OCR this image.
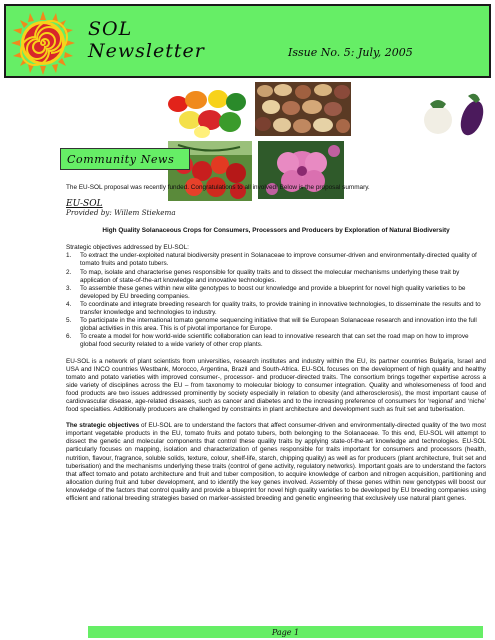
SOL
Newsletter	Issue No. 5: July, 2005
Community News

The EU-SOL proposal was recently funded. Congratulations to all involved! Below is the proposal summary.

EU-SOL
Provided by: Willem Stiekema
High Quality Solanaceous Crops for Consumers, Processors and Producers by Exploration of Natural Biodiversity

Strategic objectives addressed by EU-SOL:

1.	To extract the under-exploited natural biodiversity present in Solanaceae to improve consumer-driven and environmentally-directed quality of tomato fruits and potato tubers.
2.	To map, isolate and characterise genes responsible for quality traits and to dissect the molecular mechanisms underlying these trait by application of state-of-the-art knowledge and innovative technologies.
3.	To assemble these genes within new elite genotypes to boost our knowledge and provide a blueprint for novel high quality varieties to be developed by EU breeding companies.
4.	To coordinate and integrate breeding research for quality traits, to provide training in innovative technologies, to disseminate the results and to transfer knowledge and technologies to industry.
5.	To participate in the international tomato genome sequencing initiative that will tie European Solanaceae research and innovation into the full global activities in this area. This is of pivotal importance for Europe.
6.	To create a model for how world-wide scientific collaboration can lead to innovative research that can set the road map on how to improve global food security related to a wide variety of other crop plants.

EU-SOL is a network of plant scientists from universities, research institutes and industry within the EU, its partner countries Bulgaria, Israel and USA and INCO countries Westbank, Morocco, Argentina, Brazil and South-Africa. EU-SOL focuses on the development of high quality and healthy tomato and potato varieties with improved consumer-, processor- and producer-directed traits. The consortium brings together expertise across a side variety of disciplines across the EU – from taxonomy to molecular biology to consumer integration. Quality and wholesomeness of food and food products are two issues addressed prominently by society especially in relation to obesity (and atherosclerosis), the most important cause of cardiovascular disease, age-related diseases, such as cancer and diabetes and to the increasing preference of consumers for ‘regional’ and ‘niche’ food specialties. Additionally producers are challenged by constraints in plant architecture and development such as fruit set and tuberisation.

The strategic objectives of EU-SOL are to understand the factors that affect consumer-driven and environmentally-directed quality of the two most important vegetable products in the EU, tomato fruits and potato tubers, both belonging to the Solanaceae. To this end, EU-SOL will attempt to dissect the genetic and molecular components that control these quality traits by applying state-of-the-art knowledge and technologies. EU-SOL particularly focuses on mapping, isolation and characterization of genes responsible for traits important for consumers and processors (health, nutrition, flavour, fragrance, soluble solids, texture, colour, shelf-life, starch, chipping quality) as well as for producers (plant architecture, fruit set and tuberisation) and the mechanisms underlying these traits (control of gene activity, regulatory networks). Important goals are to understand the factors that affect tomato and potato architecture and fruit and tuber composition, to acquire knowledge of carbon and nitrogen acquisition, partitioning and allocation during fruit and tuber development, and to identify the key genes involved. Assembly of these genes within new genotypes will boost our knowledge of the factors that control quality and provide a blueprint for novel high quality varieties to be developed by EU breeding companies using efficient and rational breeding strategies based on marker-assisted breeding and genetic engineering that exclusively use natural plant genes.

Page 1
